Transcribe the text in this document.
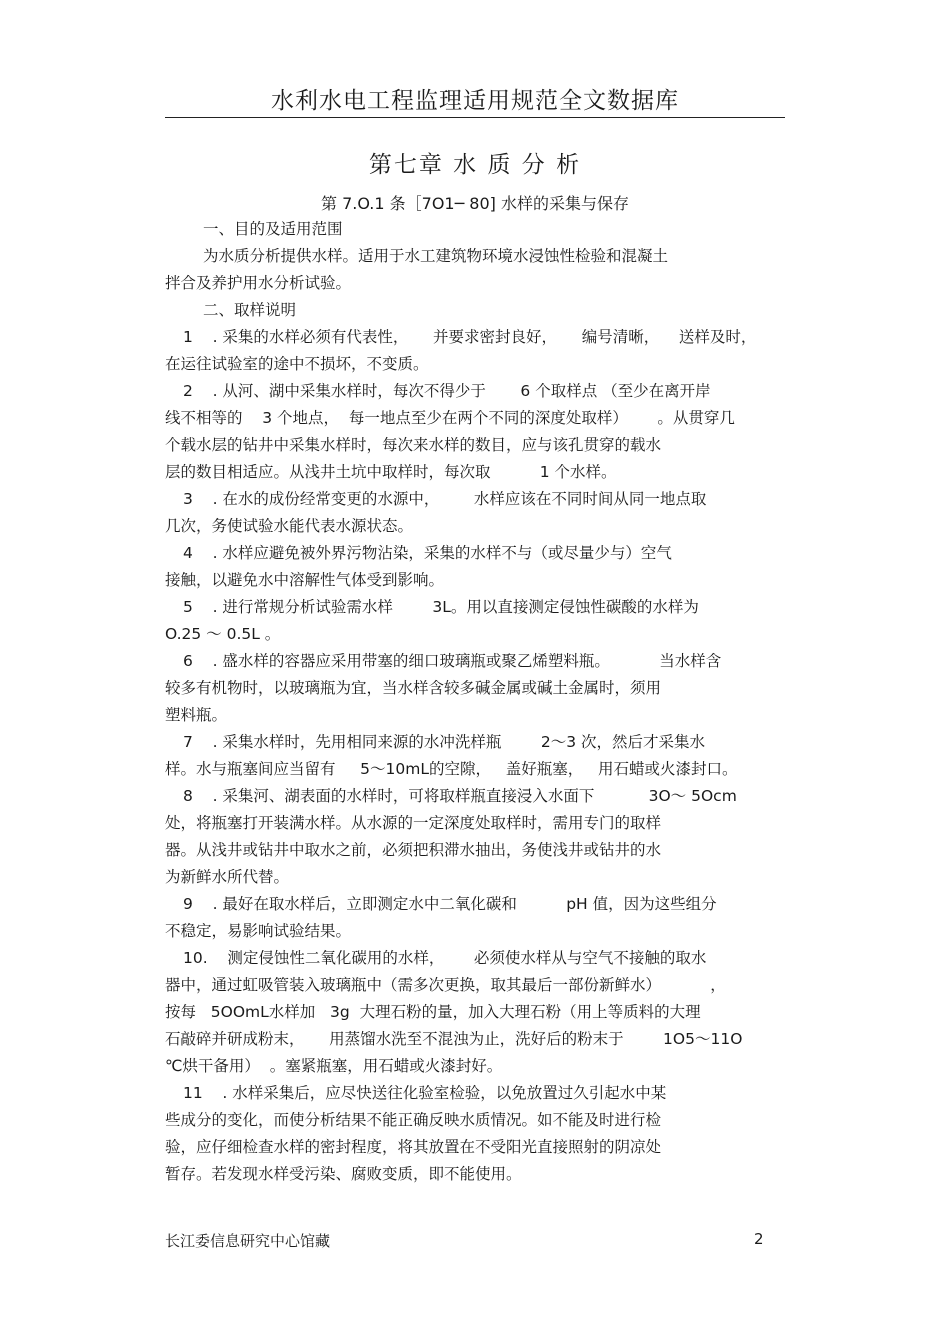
水利水电工程监理适用规范全文数据库
第七章 水 质 分 析
第 7.O.1 条［7O1─ 80] 水样的采集与保存
一、目的及适用范围
为水质分析提供水样。适用于水工建筑物环境水浸蚀性检验和混凝土
拌合及养护用水分析试验。
二、取样说明
1    . 采集的水样必须有代表性，     并要求密封良好，     编号清晰，    送样及时，
在运往试验室的途中不损坏，不变质。
2    . 从河、湖中采集水样时，每次不得少于       6 个取样点 （至少在离开岸
线不相等的    3 个地点，  每一地点至少在两个不同的深度处取样）      。从贯穿几
个载水层的钻井中采集水样时，每次来水样的数目，应与该孔贯穿的载水
层的数目相适应。从浅井土坑中取样时，每次取          1 个水样。
3    . 在水的成份经常变更的水源中，       水样应该在不同时间从同一地点取
几次，务使试验水能代表水源状态。
4    . 水样应避免被外界污物沾染，采集的水样不与（或尽量少与）空气
接触，以避免水中溶解性气体受到影响。
5    . 进行常规分析试验需水样        3L。用以直接测定侵蚀性碳酸的水样为
O.25 ～ 0.5L 。
6    . 盛水样的容器应采用带塞的细口玻璃瓶或聚乙烯塑料瓶。          当水样含
较多有机物时，以玻璃瓶为宜，当水样含较多碱金属或碱土金属时，须用
塑料瓶。
7    . 采集水样时，先用相同来源的水冲洗样瓶        2～3 次，然后才采集水
样。水与瓶塞间应当留有     5～10mL的空隙，   盖好瓶塞，   用石蜡或火漆封口。
8    . 采集河、湖表面的水样时，可将取样瓶直接浸入水面下           3O～ 5Ocm
处，将瓶塞打开装满水样。从水源的一定深度处取样时，需用专门的取样
器。从浅井或钻井中取水之前，必须把积滞水抽出，务使浅井或钻井的水
为新鲜水所代替。
9    . 最好在取水样后，立即测定水中二氧化碳和          pH 值，因为这些组分
不稳定，易影响试验结果。
10.    测定侵蚀性二氧化碳用的水样，      必须使水样从与空气不接触的取水
器中，通过虹吸管装入玻璃瓶中（需多次更换，取其最后一部份新鲜水）          ，
按每   5OOmL水样加   3g  大理石粉的量，加入大理石粉（用上等质料的大理
石敲碎并研成粉末，     用蒸馏水洗至不混浊为止，洗好后的粉末于        1O5～11O
℃烘干备用）  。塞紧瓶塞，用石蜡或火漆封好。
11    . 水样采集后，应尽快送往化验室检验，以免放置过久引起水中某
些成分的变化，而使分析结果不能正确反映水质情况。如不能及时进行检
验，应仔细检查水样的密封程度，将其放置在不受阳光直接照射的阴凉处
暂存。若发现水样受污染、腐败变质，即不能使用。
长江委信息研究中心馆藏	2
